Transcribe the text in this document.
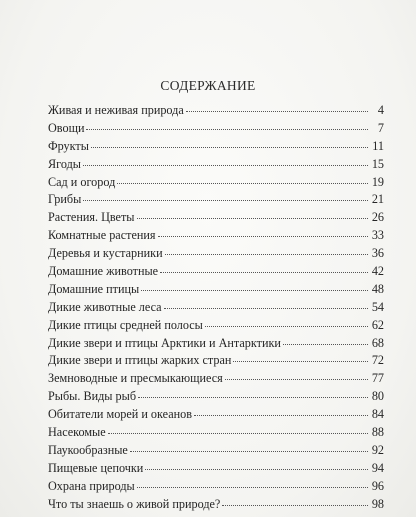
СОДЕРЖАНИЕ
Живая и неживая природа	4
Овощи	7
Фрукты	11
Ягоды	15
Сад и огород	19
Грибы	21
Растения. Цветы	26
Комнатные растения	33
Деревья и кустарники	36
Домашние животные	42
Домашние птицы	48
Дикие животные леса	54
Дикие птицы средней полосы	62
Дикие звери и птицы Арктики и Антарктики	68
Дикие звери и птицы жарких стран	72
Земноводные и пресмыкающиеся	77
Рыбы. Виды рыб	80
Обитатели морей и океанов	84
Насекомые	88
Паукообразные	92
Пищевые цепочки	94
Охрана природы	96
Что ты знаешь о живой природе?	98
